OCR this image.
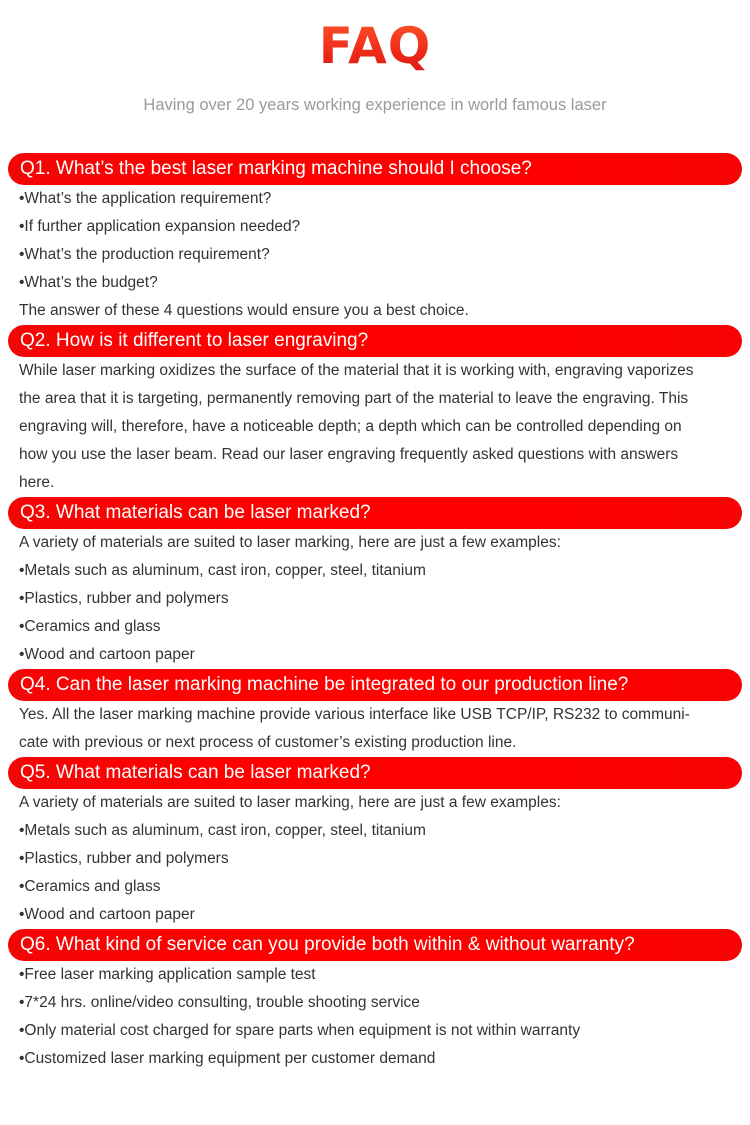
FAQ
Having over 20 years working experience in world famous laser
Q1. What’s the best laser marking machine should I choose?
•What’s the application requirement?
•If further application expansion needed?
•What’s the production requirement?
•What’s the budget?
The answer of these 4 questions would ensure you a best choice.
Q2. How is it different to laser engraving?
While laser marking oxidizes the surface of the material that it is working with, engraving vaporizes
the area that it is targeting, permanently removing part of the material to leave the engraving. This
engraving will, therefore, have a noticeable depth; a depth which can be controlled depending on
how you use the laser beam. Read our laser engraving frequently asked questions with answers
here.
Q3. What materials can be laser marked?
A variety of materials are suited to laser marking, here are just a few examples:
•Metals such as aluminum, cast iron, copper, steel, titanium
•Plastics, rubber and polymers
•Ceramics and glass
•Wood and cartoon paper
Q4. Can the laser marking machine be integrated to our production line?
Yes. All the laser marking machine provide various interface like USB TCP/IP, RS232 to communi-
cate with previous or next process of customer’s existing production line.
Q5. What materials can be laser marked?
A variety of materials are suited to laser marking, here are just a few examples:
•Metals such as aluminum, cast iron, copper, steel, titanium
•Plastics, rubber and polymers
•Ceramics and glass
•Wood and cartoon paper
Q6. What kind of service can you provide both within & without warranty?
•Free laser marking application sample test
•7*24 hrs. online/video consulting, trouble shooting service
•Only material cost charged for spare parts when equipment is not within warranty
•Customized laser marking equipment per customer demand
